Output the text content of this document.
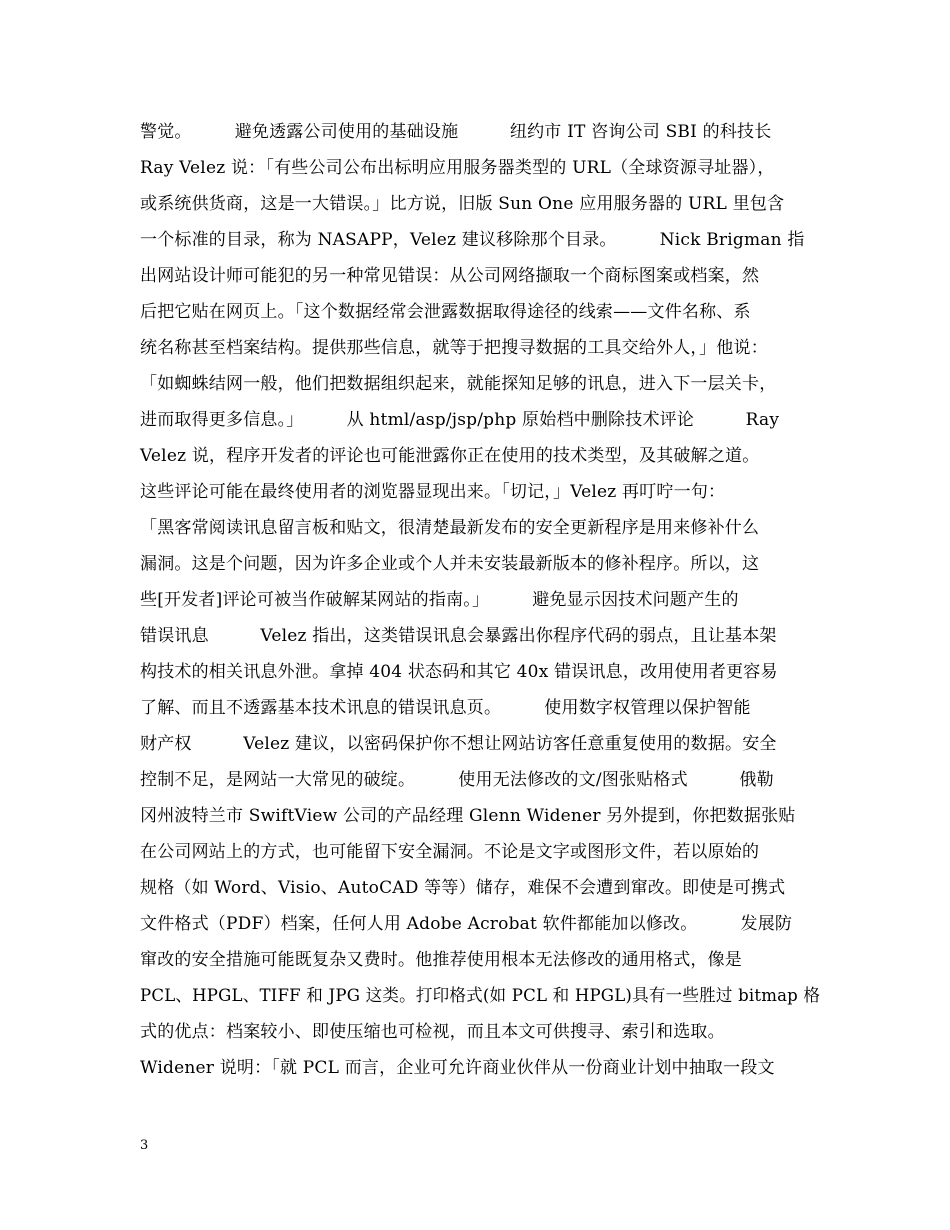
警觉。　　　避免透露公司使用的基础设施　　　纽约市 IT 咨询公司 SBI 的科技长
Ray Velez 说：「有些公司公布出标明应用服务器类型的 URL（全球资源寻址器），
或系统供货商，这是一大错误。」比方说，旧版 Sun One 应用服务器的 URL 里包含
一个标准的目录，称为 NASAPP，Velez 建议移除那个目录。　　　Nick Brigman 指
出网站设计师可能犯的另一种常见错误：从公司网络撷取一个商标图案或档案，然
后把它贴在网页上。「这个数据经常会泄露数据取得途径的线索——文件名称、系
统名称甚至档案结构。提供那些信息，就等于把搜寻数据的工具交给外人，」他说：
「如蜘蛛结网一般，他们把数据组织起来，就能探知足够的讯息，进入下一层关卡，
进而取得更多信息。」　　　从 html/asp/jsp/php 原始档中删除技术评论　　　Ray
Velez 说，程序开发者的评论也可能泄露你正在使用的技术类型，及其破解之道。
这些评论可能在最终使用者的浏览器显现出来。「切记，」Velez 再叮咛一句：
「黑客常阅读讯息留言板和贴文，很清楚最新发布的安全更新程序是用来修补什么
漏洞。这是个问题，因为许多企业或个人并未安装最新版本的修补程序。所以，这
些[开发者]评论可被当作破解某网站的指南。」　　　避免显示因技术问题产生的
错误讯息　　　Velez 指出，这类错误讯息会暴露出你程序代码的弱点，且让基本架
构技术的相关讯息外泄。拿掉 404 状态码和其它 40x 错误讯息，改用使用者更容易
了解、而且不透露基本技术讯息的错误讯息页。　　　使用数字权管理以保护智能
财产权　　　Velez 建议，以密码保护你不想让网站访客任意重复使用的数据。安全
控制不足，是网站一大常见的破绽。　　　使用无法修改的文/图张贴格式　　　俄勒
冈州波特兰市 SwiftView 公司的产品经理 Glenn Widener 另外提到，你把数据张贴
在公司网站上的方式，也可能留下安全漏洞。不论是文字或图形文件，若以原始的
规格（如 Word、Visio、AutoCAD 等等）储存，难保不会遭到窜改。即使是可携式
文件格式（PDF）档案，任何人用 Adobe Acrobat 软件都能加以修改。　　　发展防
窜改的安全措施可能既复杂又费时。他推荐使用根本无法修改的通用格式，像是
PCL、HPGL、TIFF 和 JPG 这类。打印格式(如 PCL 和 HPGL)具有一些胜过 bitmap 格
式的优点：档案较小、即使压缩也可检视，而且本文可供搜寻、索引和选取。
Widener 说明：「就 PCL 而言，企业可允许商业伙伴从一份商业计划中抽取一段文
3
